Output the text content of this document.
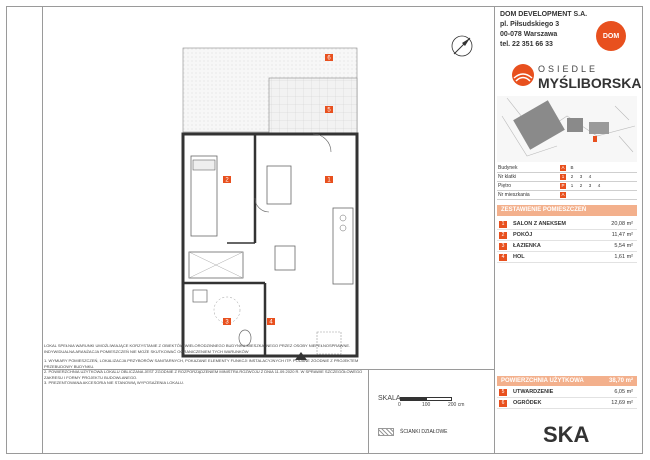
DOM DEVELOPMENT S.A.
pl. Piłsudskiego 3
00-078 Warszawa
tel. 22 351 66 33
DOM
OSIEDLE
MYŚLIBORSKA
Budynek	A B
Nr klatki	1 2 3 4
Piętro	P 1 2 3 4
Nr mieszkania	A
ZESTAWIENIE POMIESZCZEŃ
1	SALON Z ANEKSEM	20,08 m²
2	POKÓJ	11,47 m²
3	ŁAZIENKA	5,54 m²
4	HOL	1,61 m²
POWIERZCHNIA UŻYTKOWA	38,70 m²
5	UTWARDZENIE	6,05 m²
6	OGRÓDEK	12,69 m²
6
5
1
2
3	4
LOKAL SPEŁNIA WARUNKI UMOŻLIWIAJĄCE KORZYSTANIE Z OBIEKTÓW WIELORODZINNEGO BUDYNKU MIESZKALNEGO PRZEZ OSOBY NIEPEŁNOSPRAWNE. INDYWIDUALNA ARANŻACJA POMIESZCZEŃ NIE MOŻE SKUTKOWAĆ OGRANICZENIEM TYCH WARUNKÓW
1. WYMIARY POMIESZCZEŃ, LOKALIZACJA PRZYBORÓW SANITARNYCH, POKAZANE ELEMENTY FUNKCJI INSTALACYJNYCH ITP. PODANE ZGODNIE Z PROJEKTEM PRZEBUDOWY BUDYNKU.
2. POWIERZCHNIA UŻYTKOWA LOKALU OBLICZANA JEST ZGODNIE Z ROZPORZĄDZENIEM MINISTRA ROZWOJU Z DNIA 11.09.2020 R. W SPRAWIE SZCZEGÓŁOWEGO ZAKRESU I FORMY PROJEKTU BUDOWLANEGO.
3. PREZENTOWANA AKCESORIA NIE STANOWIĄ WYPOSAŻENIA LOKALU.
SKALA
0	100	200 cm
ŚCIANKI DZIAŁOWE	SKA
